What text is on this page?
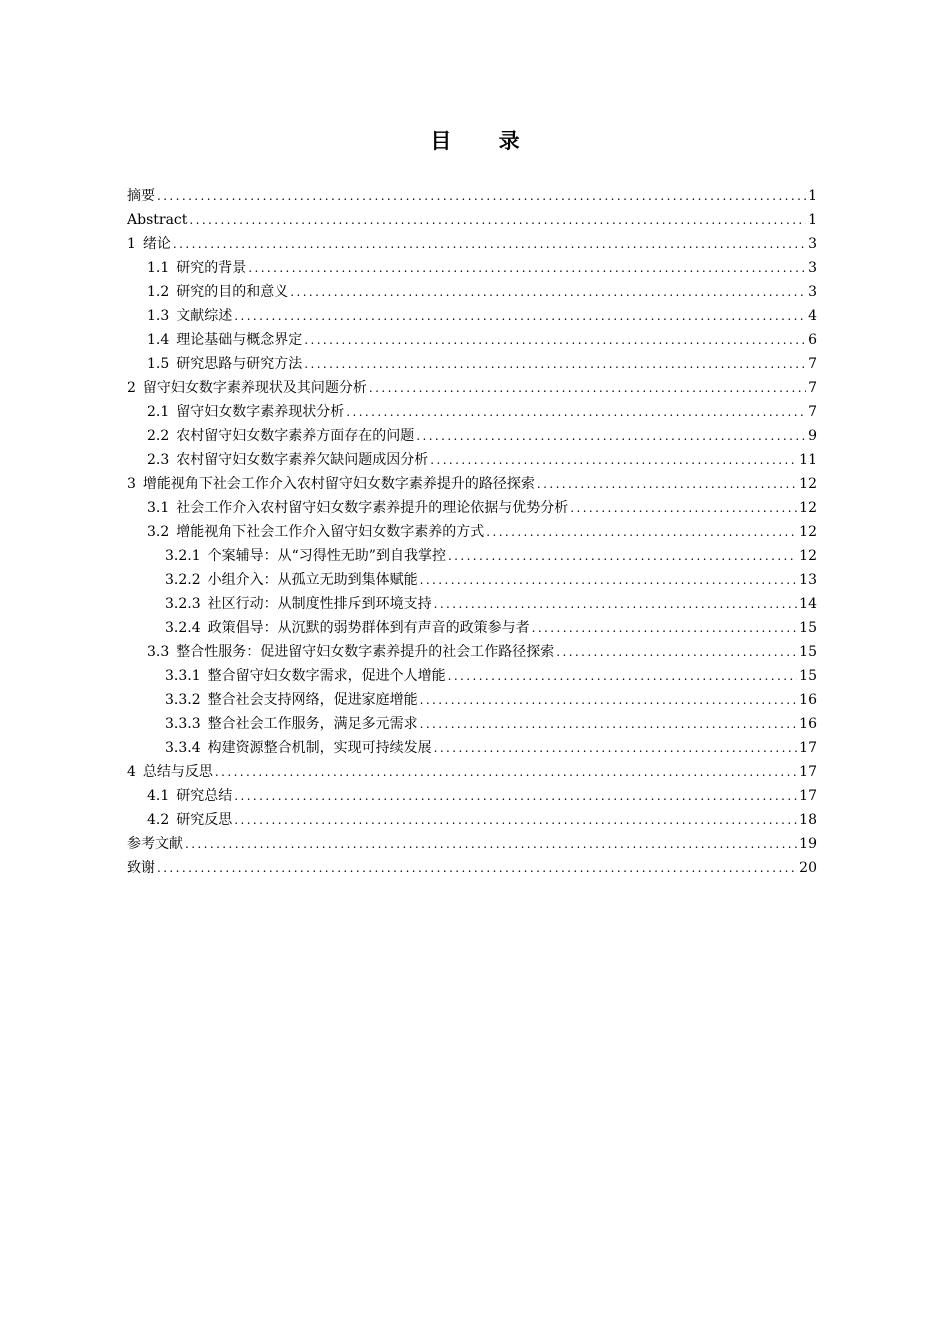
目 录
摘要 .....	1
Abstract .....	1
1 绪论 .....	3
1.1 研究的背景 .....	3
1.2 研究的目的和意义 .....	3
1.3 文献综述 .....	4
1.4 理论基础与概念界定 .....	6
1.5 研究思路与研究方法 .....	7
2 留守妇女数字素养现状及其问题分析 .....	7
2.1 留守妇女数字素养现状分析 .....	7
2.2 农村留守妇女数字素养方面存在的问题 .....	9
2.3 农村留守妇女数字素养欠缺问题成因分析 .....	11
3 增能视角下社会工作介入农村留守妇女数字素养提升的路径探索 .....	12
3.1 社会工作介入农村留守妇女数字素养提升的理论依据与优势分析 .....	12
3.2 增能视角下社会工作介入留守妇女数字素养的方式 .....	12
3.2.1 个案辅导：从“习得性无助”到自我掌控 .....	12
3.2.2 小组介入：从孤立无助到集体赋能 .....	13
3.2.3 社区行动：从制度性排斥到环境支持 .....	14
3.2.4 政策倡导：从沉默的弱势群体到有声音的政策参与者 .....	15
3.3 整合性服务：促进留守妇女数字素养提升的社会工作路径探索 .....	15
3.3.1 整合留守妇女数字需求，促进个人增能 .....	15
3.3.2 整合社会支持网络，促进家庭增能 .....	16
3.3.3 整合社会工作服务，满足多元需求 .....	16
3.3.4 构建资源整合机制，实现可持续发展 .....	17
4 总结与反思 .....	17
4.1 研究总结 .....	17
4.2 研究反思 .....	18
参考文献 .....	19
致谢 .....	20
